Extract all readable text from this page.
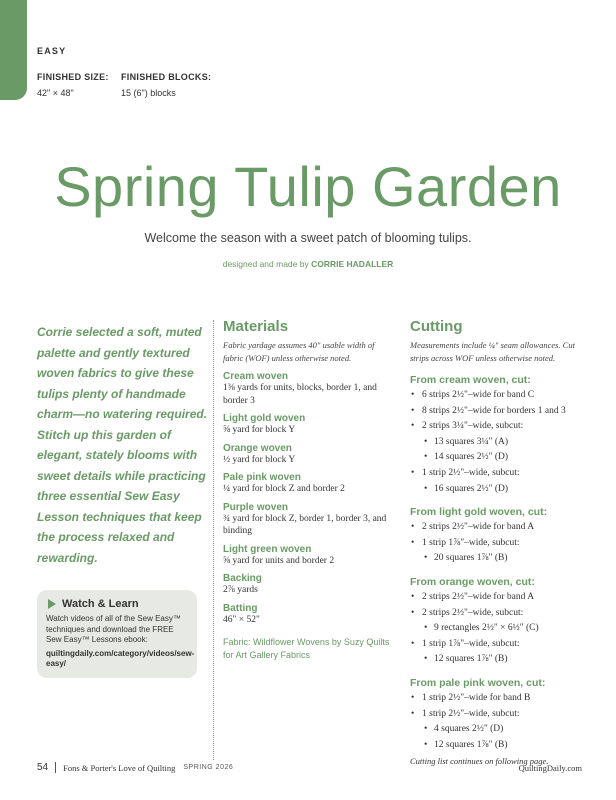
EASY
FINISHED SIZE:
42" × 48"
FINISHED BLOCKS:
15 (6") blocks
Spring Tulip Garden
Welcome the season with a sweet patch of blooming tulips.
designed and made by CORRIE HADALLER
Corrie selected a soft, muted palette and gently textured woven fabrics to give these tulips plenty of handmade charm—no watering required. Stitch up this garden of elegant, stately blooms with sweet details while practicing three essential Sew Easy Lesson techniques that keep the process relaxed and rewarding.
Watch & Learn
Watch videos of all of the Sew Easy™ techniques and download the FREE Sew Easy™ Lessons ebook:
quiltingdaily.com/category/videos/sew-easy/
Materials
Fabric yardage assumes 40" usable width of fabric (WOF) unless otherwise noted.
Cream woven
1⅜ yards for units, blocks, border 1, and border 3
Light gold woven
⅝ yard for block Y
Orange woven
½ yard for block Y
Pale pink woven
¼ yard for block Z and border 2
Purple woven
¾ yard for block Z, border 1, border 3, and binding
Light green woven
⅝ yard for units and border 2
Backing
2⅞ yards
Batting
46" × 52"
Fabric: Wildflower Wovens by Suzy Quilts for Art Gallery Fabrics
Cutting
Measurements include ¼" seam allowances. Cut strips across WOF unless otherwise noted.
From cream woven, cut:
• 6 strips 2½"–wide for band C
• 8 strips 2½"–wide for borders 1 and 3
• 2 strips 3¼"–wide, subcut:
• 13 squares 3¼" (A)
• 14 squares 2½" (D)
• 1 strip 2½"–wide, subcut:
• 16 squares 2½" (D)
From light gold woven, cut:
• 2 strips 2½"–wide for band A
• 1 strip 1⅞"–wide, subcut:
• 20 squares 1⅞" (B)
From orange woven, cut:
• 2 strips 2½"–wide for band A
• 2 strips 2½"–wide, subcut:
• 9 rectangles 2½" × 6½" (C)
• 1 strip 1⅞"–wide, subcut:
• 12 squares 1⅞" (B)
From pale pink woven, cut:
• 1 strip 2½"–wide for band B
• 1 strip 2½"–wide, subcut:
• 4 squares 2½" (D)
• 12 squares 1⅞" (B)
Cutting list continues on following page.
54 Fons & Porter's Love of Quilting SPRING 2026	QuiltingDaily.com
